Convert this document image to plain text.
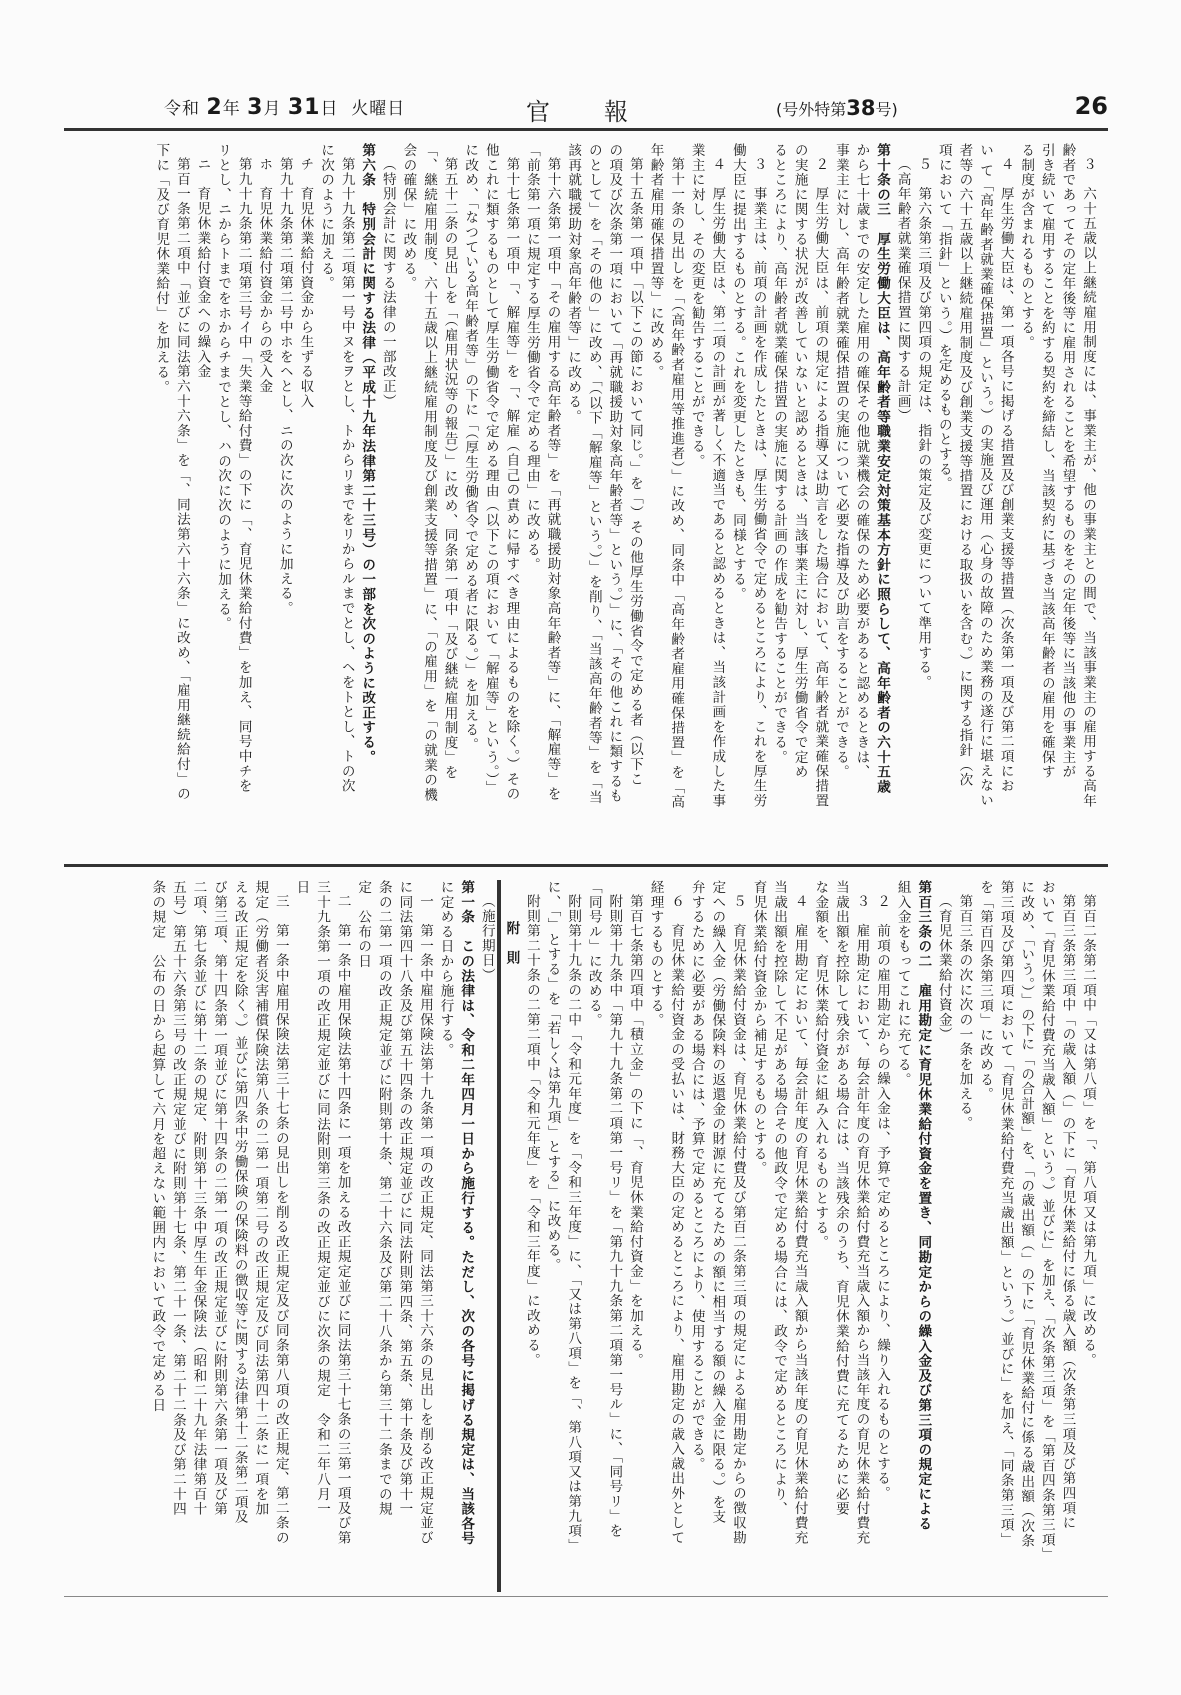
令和 2年 3月 31日 火曜日	官報	(号外特第38号)	26
３　六十五歳以上継続雇用制度には、事業主が、他の事業主との間で、当該事業主の雇用する高年
齢者であってその定年後等に雇用されることを希望するものをその定年後等に当該他の事業主が
引き続いて雇用することを約する契約を締結し、当該契約に基づき当該高年齢者の雇用を確保す
る制度が含まれるものとする。
４　厚生労働大臣は、第一項各号に掲げる措置及び創業支援等措置（次条第一項及び第二項にお
い て「高年齢者就業確保措置」という。）の実施及び運用（心身の故障のため業務の遂行に堪えない
者等の六十五歳以上継続雇用制度及び創業支援等措置における取扱いを含む。）に関する指針（次
項において「指針」という。）を定めるものとする。
５　第六条第三項及び第四項の規定は、指針の策定及び変更について準用する。
（高年齢者就業確保措置に関する計画）
第十条の三　厚生労働大臣は、高年齢者等職業安定対策基本方針に照らして、高年齢者の六十五歳
から七十歳までの安定した雇用の確保その他就業機会の確保のため必要があると認めるときは、
事業主に対し、高年齢者就業確保措置の実施について必要な指導及び助言をすることができる。
２　厚生労働大臣は、前項の規定による指導又は助言をした場合において、高年齢者就業確保措置
の実施に関する状況が改善していないと認めるときは、当該事業主に対し、厚生労働省令で定め
るところにより、高年齢者就業確保措置の実施に関する計画の作成を勧告することができる。
３　事業主は、前項の計画を作成したときは、厚生労働省令で定めるところにより、これを厚生労
働大臣に提出するものとする。これを変更したときも、同様とする。
４　厚生労働大臣は、第二項の計画が著しく不適当であると認めるときは、当該計画を作成した事
業主に対し、その変更を勧告することができる。
第十一条の見出しを「（高年齢者雇用等推進者）」に改め、同条中「高年齢者雇用確保措置」を「高
年齢者雇用確保措置等」に改める。
第十五条第一項中「以下この節において同じ。」を「）その他厚生労働省令で定める者（以下こ
の項及び次条第一項において「再就職援助対象高年齢者等」という。）」に、「その他これに類するも
のとして」を「その他の」に改め、「（以下「解雇等」という。）」を削り、「当該高年齢者等」を「当
該再就職援助対象高年齢者等」に改める。
第十六条第一項中「その雇用する高年齢者等」を「再就職援助対象高年齢者等」に、「解雇等」を
「前条第一項に規定する厚生労働省令で定める理由」に改める。
第十七条第一項中「、解雇等」を「、解雇（自己の責めに帰すべき理由によるものを除く。）その
他これに類するものとして厚生労働省令で定める理由（以下この項において「解雇等」という。）」
に改め、「なつている高年齢者等」の下に「（厚生労働省令で定める者に限る。）」を加える。
第五十二条の見出しを「（雇用状況等の報告）」に改め、同条第一項中「及び継続雇用制度」を
「、継続雇用制度、六十五歳以上継続雇用制度及び創業支援等措置」に、「の雇用」を「の就業の機
会の確保」に改める。
（特別会計に関する法律の一部改正）
第六条　特別会計に関する法律（平成十九年法律第二十三号）の一部を次のように改正する。
第九十九条第二項第一号中ヌをヲとし、トからリまでをリからルまでとし、ヘをトとし、トの次
に次のように加える。
チ　育児休業給付資金から生ずる収入
第九十九条第二項第二号中ホをヘとし、ニの次に次のように加える。
ホ　育児休業給付資金からの受入金
第九十九条第二項第三号イ中「失業等給付費」の下に「、育児休業給付費」を加え、同号中チを
リとし、ニからトまでをホからチまでとし、ハの次に次のように加える。
ニ　育児休業給付資金への繰入金
第百一条第二項中「並びに同法第六十六条」を「、同法第六十六条」に改め、「雇用継続給付」の
下に「及び育児休業給付」を加える。
第百二条第二項中「又は第八項」を「、第八項又は第九項」に改める。
第百三条第三項中「の歳入額（」の下に「育児休業給付に係る歳入額（次条第三項及び第四項に
おいて「育児休業給付費充当歳入額」という。）並びに」を加え、「次条第三項」を「第百四条第三項」
に改め、「いう。）」の下に「の合計額」を、「の歳出額（」の下に「育児休業給付に係る歳出額（次条
第三項及び第四項において「育児休業給付費充当歳出額」という。）並びに」を加え、「同条第三項」
を「第百四条第三項」に改める。
第百三条の次に次の一条を加える。
（育児休業給付資金）
第百三条の二　雇用勘定に育児休業給付資金を置き、同勘定からの繰入金及び第三項の規定による
組入金をもってこれに充てる。
２　前項の雇用勘定からの繰入金は、予算で定めるところにより、繰り入れるものとする。
３　雇用勘定において、毎会計年度の育児休業給付費充当歳入額から当該年度の育児休業給付費充
当歳出額を控除して残余がある場合には、当該残余のうち、育児休業給付費に充てるために必要
な金額を、育児休業給付資金に組み入れるものとする。
４　雇用勘定において、毎会計年度の育児休業給付費充当歳入額から当該年度の育児休業給付費充
当歳出額を控除して不足がある場合その他政令で定める場合には、政令で定めるところにより、
育児休業給付資金から補足するものとする。
５　育児休業給付資金は、育児休業給付費及び第百二条第三項の規定による雇用勘定からの徴収勘
定への繰入金（労働保険料の返還金の財源に充てるための額に相当する額の繰入金に限る。）を支
弁するために必要がある場合には、予算で定めるところにより、使用することができる。
６　育児休業給付資金の受払いは、財務大臣の定めるところにより、雇用勘定の歳入歳出外として
経理するものとする。
第百七条第四項中「積立金」の下に「、育児休業給付資金」を加える。
附則第十九条中「第九十九条第二項第一号リ」を「第九十九条第二項第一号ル」に、「同号リ」を
「同号ル」に改める。
附則第十九条の二中「令和元年度」を「令和三年度」に、「又は第八項」を「、第八項又は第九項」
に、「」とする」を「若しくは第九項」とする」に改める。
附則第二十条の二第二項中「令和元年度」を「令和三年度」に改める。
附　則
（施行期日）
第一条　この法律は、令和二年四月一日から施行する。ただし、次の各号に掲げる規定は、当該各号
に定める日から施行する。
一　第一条中雇用保険法第十九条第一項の改正規定、同法第三十六条の見出しを削る改正規定並び
に同法第四十八条及び第五十四条の改正規定並びに同法附則第四条、第五条、第十条及び第十一
条の二第一項の改正規定並びに附則第十条、第二十六条及び第二十八条から第三十二条までの規
定　公布の日
二　第一条中雇用保険法第十四条に一項を加える改正規定並びに同法第三十七条の三第一項及び第
三十九条第一項の改正規定並びに同法附則第三条の改正規定並びに次条の規定　令和二年八月一
日
三　第一条中雇用保険法第三十七条の見出しを削る改正規定及び同条第八項の改正規定、第二条の
規定（労働者災害補償保険法第八条の二第一項第二号の改正規定及び同法第四十二条に一項を加
える改正規定を除く。）並びに第四条中労働保険の保険料の徴収等に関する法律第十二条第二項及
び第三項、第十四条第一項並びに第十四条の二第一項の改正規定並びに附則第六条第一項及び第
二項、第七条並びに第十二条の規定、附則第十三条中厚生年金保険法（昭和二十九年法律第百十
五号）第五十六条第三号の改正規定並びに附則第十七条、第二十一条、第二十二条及び第二十四
条の規定　公布の日から起算して六月を超えない範囲内において政令で定める日
